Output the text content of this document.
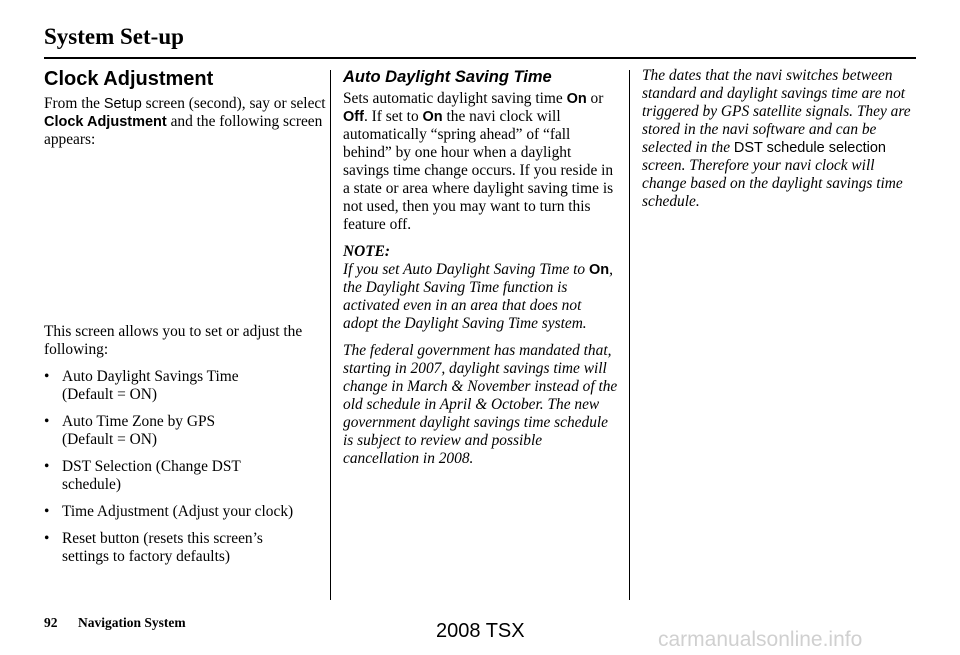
System Set-up
Clock Adjustment

From the Setup screen (second), say or select Clock Adjustment and the following screen appears:

This screen allows you to set or adjust the following:

• Auto Daylight Savings Time
(Default = ON)
• Auto Time Zone by GPS
(Default = ON)
• DST Selection (Change DST
schedule)
• Time Adjustment (Adjust your clock)
• Reset button (resets this screen’s
settings to factory defaults)
Auto Daylight Saving Time

Sets automatic daylight saving time On or Off. If set to On the navi clock will automatically “spring ahead” of “fall behind” by one hour when a daylight savings time change occurs. If you reside in a state or area where daylight saving time is not used, then you may want to turn this feature off.

NOTE:

If you set Auto Daylight Saving Time to On, the Daylight Saving Time function is activated even in an area that does not adopt the Daylight Saving Time system.

The federal government has mandated that, starting in 2007, daylight savings time will change in March & November instead of the old schedule in April & October. The new government daylight savings time schedule is subject to review and possible cancellation in 2008.

The dates that the navi switches between standard and daylight savings time are not triggered by GPS satellite signals. They are stored in the navi software and can be selected in the DST schedule selection screen. Therefore your navi clock will change based on the daylight savings time schedule.

92 Navigation System	2008 TSX	carmanualsonline.info
